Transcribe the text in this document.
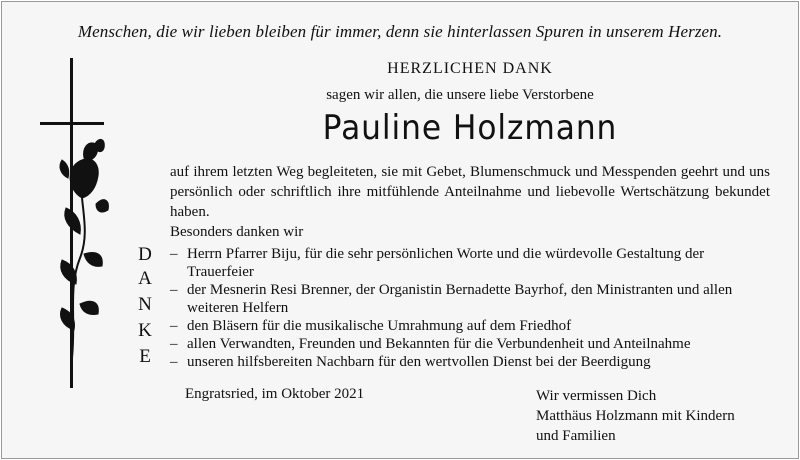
Menschen, die wir lieben bleiben für immer, denn sie hinterlassen Spuren in unserem Herzen.
HERZLICHEN DANK
sagen wir allen, die unsere liebe Verstorbene
Pauline Holzmann
auf ihrem letzten Weg begleiteten, sie mit Gebet, Blumenschmuck und Messpenden geehrt und uns persönlich oder schriftlich ihre mitfühlende Anteilnahme und liebevolle Wertschätzung bekundet haben.
Besonders danken wir
D
A
N
K
E
– Herrn Pfarrer Biju, für die sehr persönlichen Worte und die würdevolle Gestaltung der Trauerfeier
– der Mesnerin Resi Brenner, der Organistin Bernadette Bayrhof, den Ministranten und allen weiteren Helfern
– den Bläsern für die musikalische Umrahmung auf dem Friedhof
– allen Verwandten, Freunden und Bekannten für die Verbundenheit und Anteilnahme
– unseren hilfsbereiten Nachbarn für den wertvollen Dienst bei der Beerdigung
Engratsried, im Oktober 2021	Wir vermissen Dich
Matthäus Holzmann mit Kindern
und Familien
